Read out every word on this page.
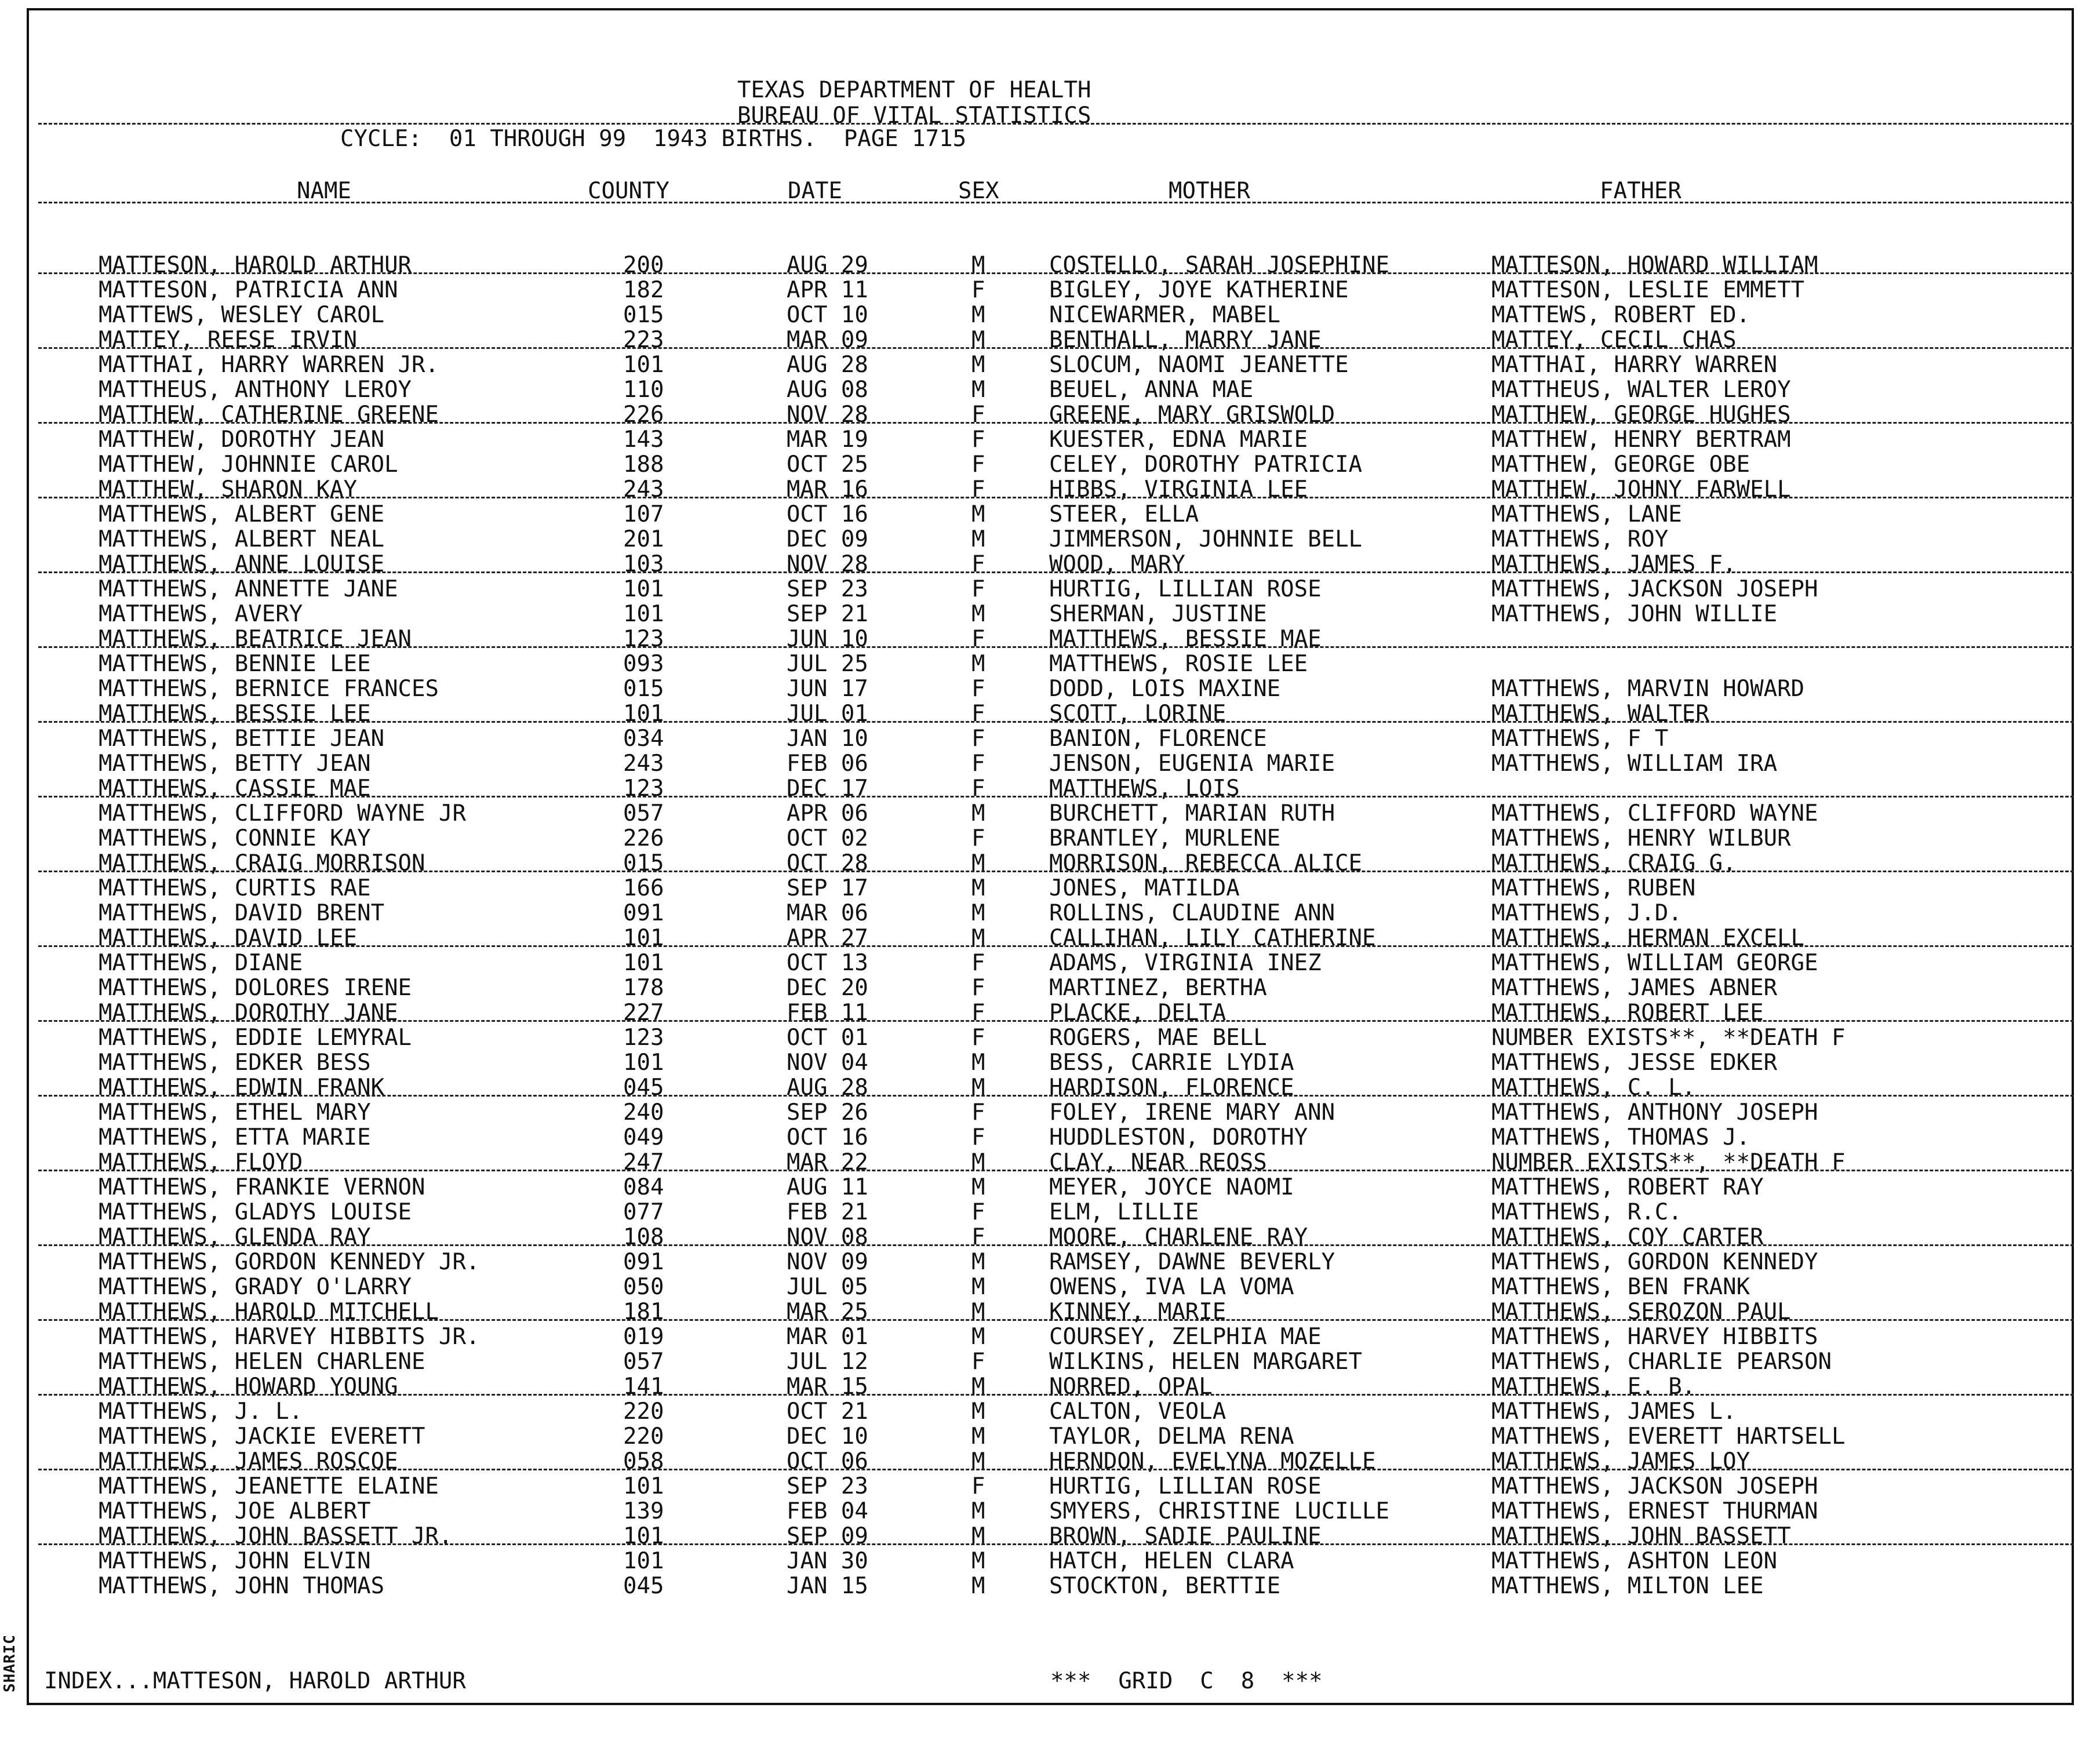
SHARIC
TEXAS DEPARTMENT OF HEALTH
BUREAU OF VITAL STATISTICS
CYCLE:  01 THROUGH 99  1943 BIRTHS.  PAGE 1715
NAME	COUNTY	DATE	SEX	MOTHER	FATHER
MATTESON, HAROLD ARTHUR	200	AUG 29	M	COSTELLO, SARAH JOSEPHINE	MATTESON, HOWARD WILLIAM
MATTESON, PATRICIA ANN	182	APR 11	F	BIGLEY, JOYE KATHERINE	MATTESON, LESLIE EMMETT
MATTEWS, WESLEY CAROL	015	OCT 10	M	NICEWARMER, MABEL	MATTEWS, ROBERT ED.
MATTEY, REESE IRVIN	223	MAR 09	M	BENTHALL, MARRY JANE	MATTEY, CECIL CHAS
MATTHAI, HARRY WARREN JR.	101	AUG 28	M	SLOCUM, NAOMI JEANETTE	MATTHAI, HARRY WARREN
MATTHEUS, ANTHONY LEROY	110	AUG 08	M	BEUEL, ANNA MAE	MATTHEUS, WALTER LEROY
MATTHEW, CATHERINE GREENE	226	NOV 28	F	GREENE, MARY GRISWOLD	MATTHEW, GEORGE HUGHES
MATTHEW, DOROTHY JEAN	143	MAR 19	F	KUESTER, EDNA MARIE	MATTHEW, HENRY BERTRAM
MATTHEW, JOHNNIE CAROL	188	OCT 25	F	CELEY, DOROTHY PATRICIA	MATTHEW, GEORGE OBE
MATTHEW, SHARON KAY	243	MAR 16	F	HIBBS, VIRGINIA LEE	MATTHEW, JOHNY FARWELL
MATTHEWS, ALBERT GENE	107	OCT 16	M	STEER, ELLA	MATTHEWS, LANE
MATTHEWS, ALBERT NEAL	201	DEC 09	M	JIMMERSON, JOHNNIE BELL	MATTHEWS, ROY
MATTHEWS, ANNE LOUISE	103	NOV 28	F	WOOD, MARY	MATTHEWS, JAMES F.
MATTHEWS, ANNETTE JANE	101	SEP 23	F	HURTIG, LILLIAN ROSE	MATTHEWS, JACKSON JOSEPH
MATTHEWS, AVERY	101	SEP 21	M	SHERMAN, JUSTINE	MATTHEWS, JOHN WILLIE
MATTHEWS, BEATRICE JEAN	123	JUN 10	F	MATTHEWS, BESSIE MAE
MATTHEWS, BENNIE LEE	093	JUL 25	M	MATTHEWS, ROSIE LEE
MATTHEWS, BERNICE FRANCES	015	JUN 17	F	DODD, LOIS MAXINE	MATTHEWS, MARVIN HOWARD
MATTHEWS, BESSIE LEE	101	JUL 01	F	SCOTT, LORINE	MATTHEWS, WALTER
MATTHEWS, BETTIE JEAN	034	JAN 10	F	BANION, FLORENCE	MATTHEWS, F T
MATTHEWS, BETTY JEAN	243	FEB 06	F	JENSON, EUGENIA MARIE	MATTHEWS, WILLIAM IRA
MATTHEWS, CASSIE MAE	123	DEC 17	F	MATTHEWS, LOIS
MATTHEWS, CLIFFORD WAYNE JR	057	APR 06	M	BURCHETT, MARIAN RUTH	MATTHEWS, CLIFFORD WAYNE
MATTHEWS, CONNIE KAY	226	OCT 02	F	BRANTLEY, MURLENE	MATTHEWS, HENRY WILBUR
MATTHEWS, CRAIG MORRISON	015	OCT 28	M	MORRISON, REBECCA ALICE	MATTHEWS, CRAIG G.
MATTHEWS, CURTIS RAE	166	SEP 17	M	JONES, MATILDA	MATTHEWS, RUBEN
MATTHEWS, DAVID BRENT	091	MAR 06	M	ROLLINS, CLAUDINE ANN	MATTHEWS, J.D.
MATTHEWS, DAVID LEE	101	APR 27	M	CALLIHAN, LILY CATHERINE	MATTHEWS, HERMAN EXCELL
MATTHEWS, DIANE	101	OCT 13	F	ADAMS, VIRGINIA INEZ	MATTHEWS, WILLIAM GEORGE
MATTHEWS, DOLORES IRENE	178	DEC 20	F	MARTINEZ, BERTHA	MATTHEWS, JAMES ABNER
MATTHEWS, DOROTHY JANE	227	FEB 11	F	PLACKE, DELTA	MATTHEWS, ROBERT LEE
MATTHEWS, EDDIE LEMYRAL	123	OCT 01	F	ROGERS, MAE BELL	NUMBER EXISTS**, **DEATH F
MATTHEWS, EDKER BESS	101	NOV 04	M	BESS, CARRIE LYDIA	MATTHEWS, JESSE EDKER
MATTHEWS, EDWIN FRANK	045	AUG 28	M	HARDISON, FLORENCE	MATTHEWS, C. L.
MATTHEWS, ETHEL MARY	240	SEP 26	F	FOLEY, IRENE MARY ANN	MATTHEWS, ANTHONY JOSEPH
MATTHEWS, ETTA MARIE	049	OCT 16	F	HUDDLESTON, DOROTHY	MATTHEWS, THOMAS J.
MATTHEWS, FLOYD	247	MAR 22	M	CLAY, NEAR REOSS	NUMBER EXISTS**, **DEATH F
MATTHEWS, FRANKIE VERNON	084	AUG 11	M	MEYER, JOYCE NAOMI	MATTHEWS, ROBERT RAY
MATTHEWS, GLADYS LOUISE	077	FEB 21	F	ELM, LILLIE	MATTHEWS, R.C.
MATTHEWS, GLENDA RAY	108	NOV 08	F	MOORE, CHARLENE RAY	MATTHEWS, COY CARTER
MATTHEWS, GORDON KENNEDY JR.	091	NOV 09	M	RAMSEY, DAWNE BEVERLY	MATTHEWS, GORDON KENNEDY
MATTHEWS, GRADY O'LARRY	050	JUL 05	M	OWENS, IVA LA VOMA	MATTHEWS, BEN FRANK
MATTHEWS, HAROLD MITCHELL	181	MAR 25	M	KINNEY, MARIE	MATTHEWS, SEROZON PAUL
MATTHEWS, HARVEY HIBBITS JR.	019	MAR 01	M	COURSEY, ZELPHIA MAE	MATTHEWS, HARVEY HIBBITS
MATTHEWS, HELEN CHARLENE	057	JUL 12	F	WILKINS, HELEN MARGARET	MATTHEWS, CHARLIE PEARSON
MATTHEWS, HOWARD YOUNG	141	MAR 15	M	NORRED, OPAL	MATTHEWS, E. B.
MATTHEWS, J. L.	220	OCT 21	M	CALTON, VEOLA	MATTHEWS, JAMES L.
MATTHEWS, JACKIE EVERETT	220	DEC 10	M	TAYLOR, DELMA RENA	MATTHEWS, EVERETT HARTSELL
MATTHEWS, JAMES ROSCOE	058	OCT 06	M	HERNDON, EVELYNA MOZELLE	MATTHEWS, JAMES LOY
MATTHEWS, JEANETTE ELAINE	101	SEP 23	F	HURTIG, LILLIAN ROSE	MATTHEWS, JACKSON JOSEPH
MATTHEWS, JOE ALBERT	139	FEB 04	M	SMYERS, CHRISTINE LUCILLE	MATTHEWS, ERNEST THURMAN
MATTHEWS, JOHN BASSETT JR.	101	SEP 09	M	BROWN, SADIE PAULINE	MATTHEWS, JOHN BASSETT
MATTHEWS, JOHN ELVIN	101	JAN 30	M	HATCH, HELEN CLARA	MATTHEWS, ASHTON LEON
MATTHEWS, JOHN THOMAS	045	JAN 15	M	STOCKTON, BERTTIE	MATTHEWS, MILTON LEE
INDEX...MATTESON, HAROLD ARTHUR	***  GRID  C  8  ***
